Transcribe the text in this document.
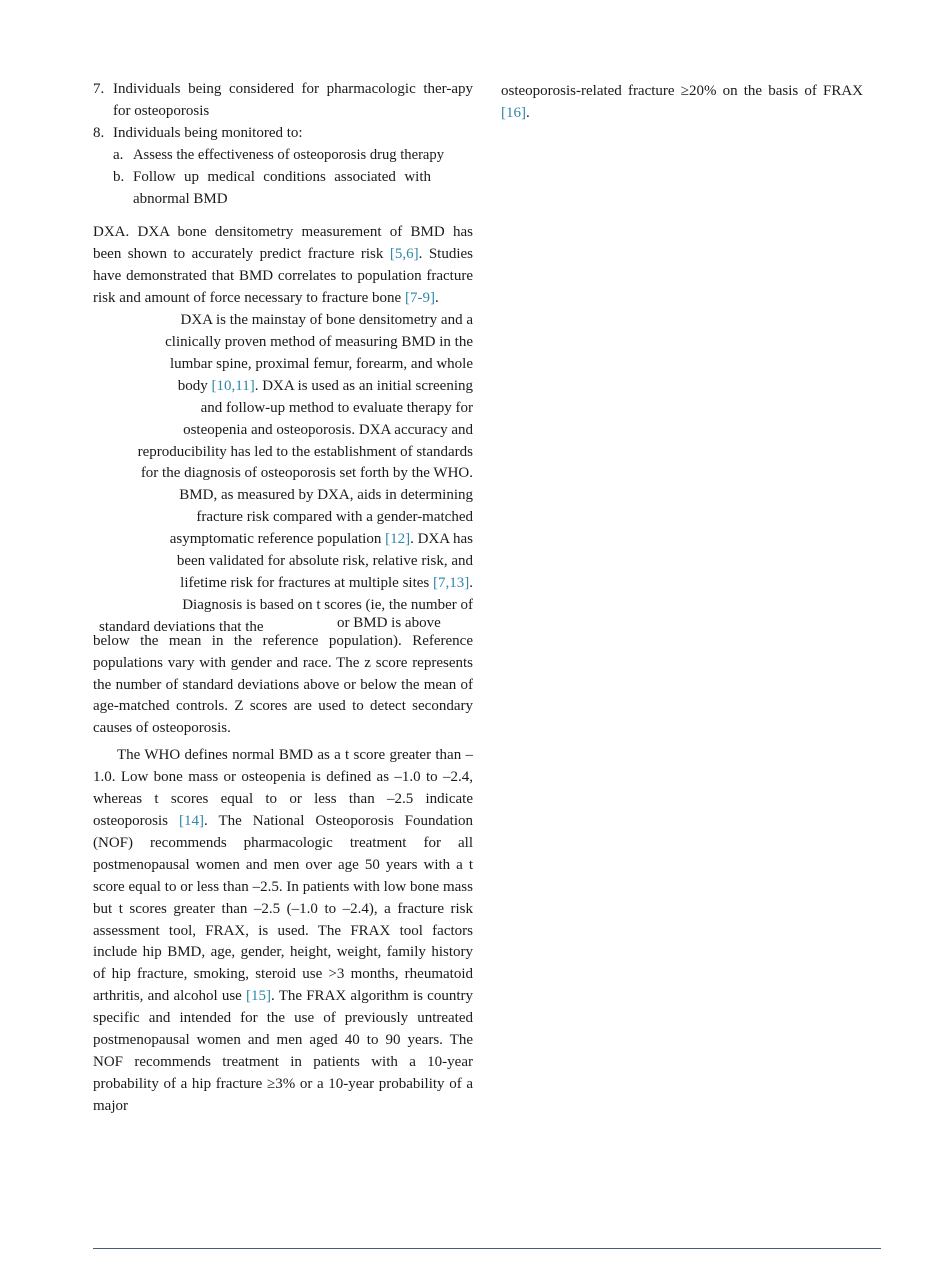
7. Individuals being considered for pharmacologic ther-apy for osteoporosis
8. Individuals being monitored to:
a. Assess the effectiveness of osteoporosis drug therapy
b. Follow up medical conditions associated with abnormal BMD

DXA. DXA bone densitometry measurement of BMD has been shown to accurately predict fracture risk [5,6]. Studies have demonstrated that BMD correlates to population fracture risk and amount of force necessary to fracture bone [7-9].

DXA is the mainstay of bone densitometry and a
clinically proven method of measuring BMD in the
lumbar spine, proximal femur, forearm, and whole
body [10,11]. DXA is used as an initial screening
and follow-up method to evaluate therapy for
osteopenia and osteoporosis. DXA accuracy and
reproducibility has led to the establishment of standards
for the diagnosis of osteoporosis set forth by the WHO.
BMD, as measured by DXA, aids in determining
fracture risk compared with a gender-matched
asymptomatic reference population [12]. DXA has
been validated for absolute risk, relative risk, and
lifetime risk for fractures at multiple sites [7,13].
Diagnosis is based on t scores (ie, the number of
standard deviations that the	or BMD is above

below the mean in the reference population). Reference populations vary with gender and race. The z score represents the number of standard deviations above or below the mean of age-matched controls. Z scores are used to detect secondary causes of osteoporosis.

The WHO defines normal BMD as a t score greater than –1.0. Low bone mass or osteopenia is defined as –1.0 to –2.4, whereas t scores equal to or less than –2.5 indicate osteoporosis [14]. The National Osteoporosis Foundation (NOF) recommends pharmacologic treatment for all postmenopausal women and men over age 50 years with a t score equal to or less than –2.5. In patients with low bone mass but t scores greater than –2.5 (–1.0 to –2.4), a fracture risk assessment tool, FRAX, is used. The FRAX tool factors include hip BMD, age, gender, height, weight, family history of hip fracture, smoking, steroid use >3 months, rheumatoid arthritis, and alcohol use [15]. The FRAX algorithm is country specific and intended for the use of previously untreated postmenopausal women and men aged 40 to 90 years. The NOF recommends treatment in patients with a 10-year probability of a hip fracture ≥3% or a 10-year probability of a major

osteoporosis-related fracture ≥20% on the basis of FRAX [16].
